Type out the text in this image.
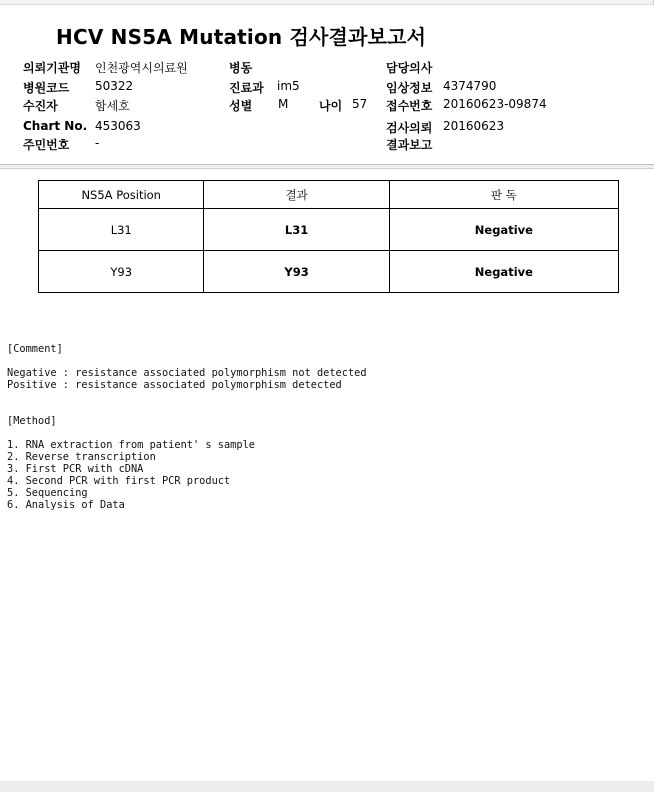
HCV NS5A Mutation 검사결과보고서
의뢰기관명 인천광역시의료원
병원코드 50322
수진자	함세호
Chart No. 453063
주민번호 -
병동
진료과 im5
성별 M	나이 57
담당의사
임상정보 4374790
접수번호 20160623-09874
검사의뢰 20160623
결과보고
NS5A Position	결과	판 독
L31	L31	Negative
Y93	Y93	Negative
[Comment]
Negative : resistance associated polymorphism not detected
Positive : resistance associated polymorphism detected
[Method]
1. RNA extraction from patient' s sample
2. Reverse transcription
3. First PCR with cDNA
4. Second PCR with first PCR product
5. Sequencing
6. Analysis of Data
